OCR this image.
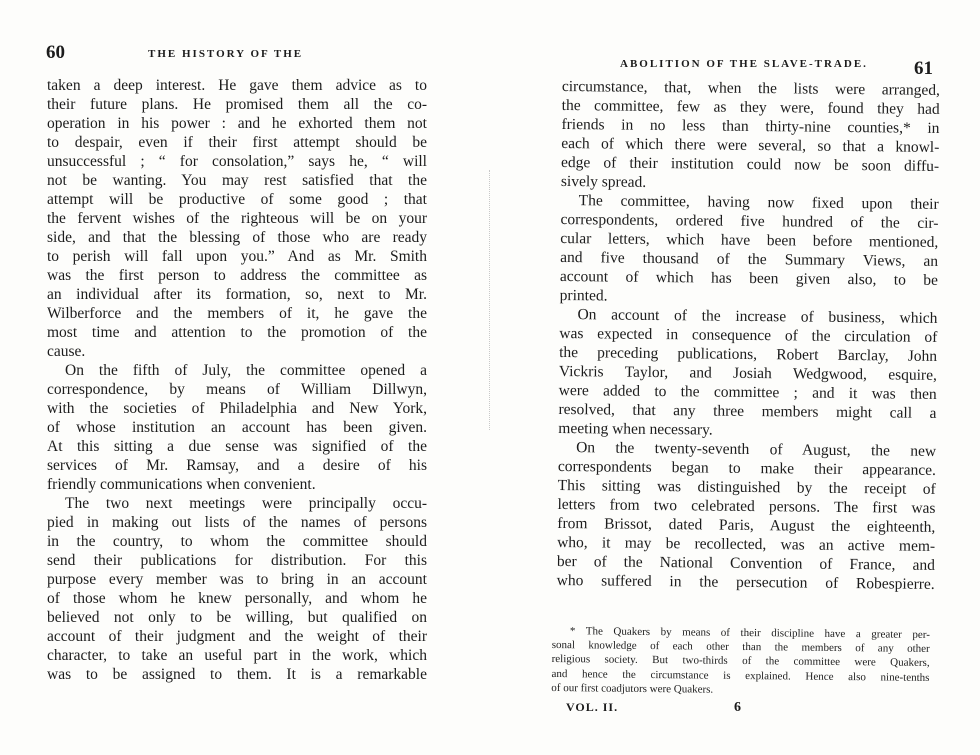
60	THE HISTORY OF THE
taken a deep interest. He gave them advice as to
their future plans. He promised them all the co-
operation in his power : and he exhorted them not
to despair, even if their first attempt should be
unsuccessful ; “ for consolation,” says he, “ will
not be wanting. You may rest satisfied that the
attempt will be productive of some good ; that
the fervent wishes of the righteous will be on your
side, and that the blessing of those who are ready
to perish will fall upon you.” And as Mr. Smith
was the first person to address the committee as
an individual after its formation, so, next to Mr.
Wilberforce and the members of it, he gave the
most time and attention to the promotion of the
cause.
On the fifth of July, the committee opened a
correspondence, by means of William Dillwyn,
with the societies of Philadelphia and New York,
of whose institution an account has been given.
At this sitting a due sense was signified of the
services of Mr. Ramsay, and a desire of his
friendly communications when convenient.
The two next meetings were principally occu-
pied in making out lists of the names of persons
in the country, to whom the committee should
send their publications for distribution. For this
purpose every member was to bring in an account
of those whom he knew personally, and whom he
believed not only to be willing, but qualified on
account of their judgment and the weight of their
character, to take an useful part in the work, which
was to be assigned to them. It is a remarkable
ABOLITION OF THE SLAVE-TRADE. 61
circumstance, that, when the lists were arranged,
the committee, few as they were, found they had
friends in no less than thirty-nine counties,* in
each of which there were several, so that a knowl-
edge of their institution could now be soon diffu-
sively spread.
The committee, having now fixed upon their
correspondents, ordered five hundred of the cir-
cular letters, which have been before mentioned,
and five thousand of the Summary Views, an
account of which has been given also, to be
printed.
On account of the increase of business, which
was expected in consequence of the circulation of
the preceding publications, Robert Barclay, John
Vickris Taylor, and Josiah Wedgwood, esquire,
were added to the committee ; and it was then
resolved, that any three members might call a
meeting when necessary.
On the twenty-seventh of August, the new
correspondents began to make their appearance.
This sitting was distinguished by the receipt of
letters from two celebrated persons. The first was
from Brissot, dated Paris, August the eighteenth,
who, it may be recollected, was an active mem-
ber of the National Convention of France, and
who suffered in the persecution of Robespierre.
* The Quakers by means of their discipline have a greater per-
sonal knowledge of each other than the members of any other
religious society. But two-thirds of the committee were Quakers,
and hence the circumstance is explained. Hence also nine-tenths
of our first coadjutors were Quakers.
VOL. II.	6
